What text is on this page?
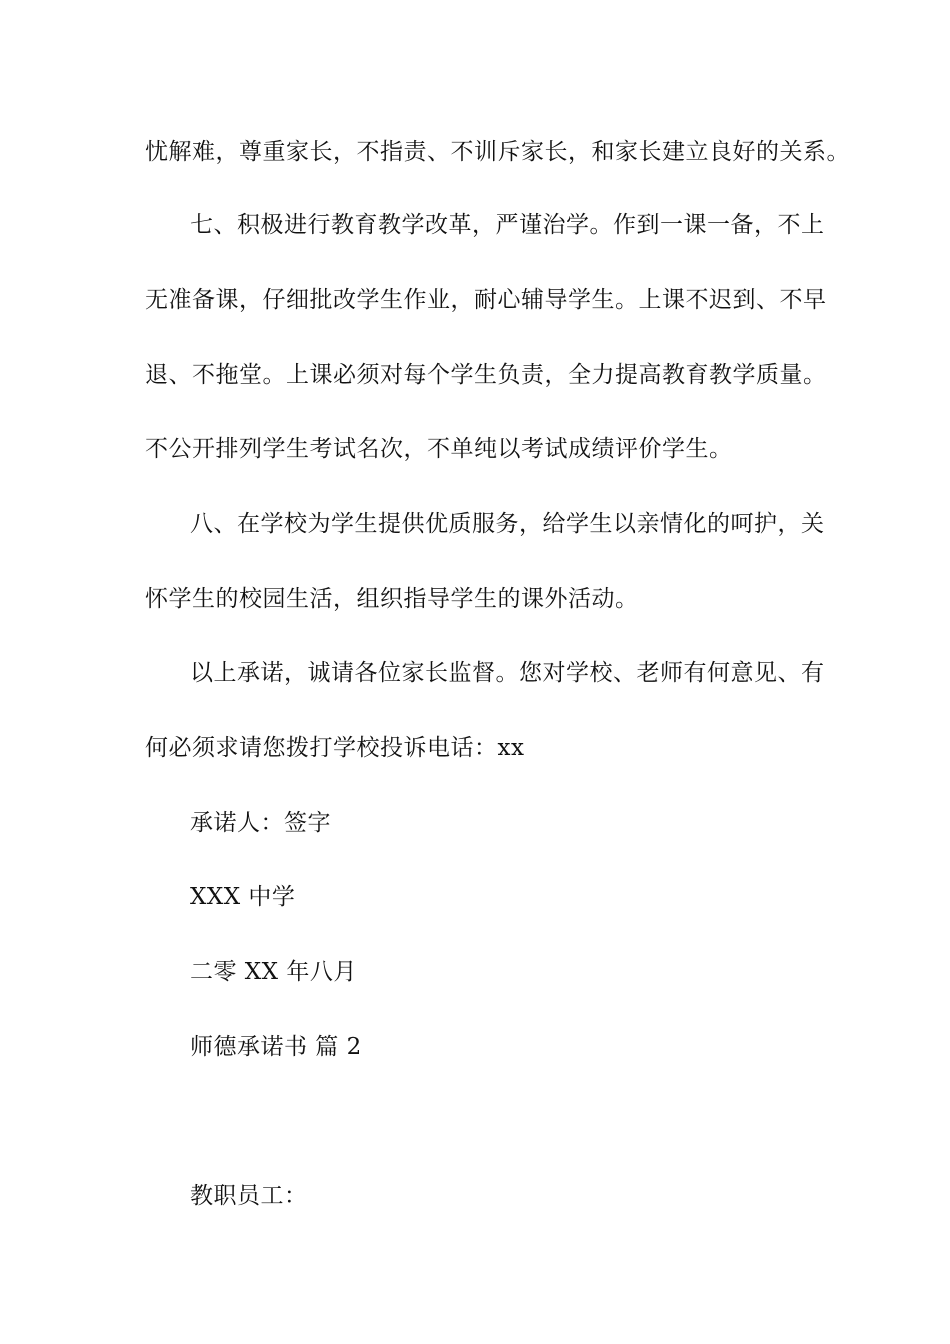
忧解难，尊重家长，不指责、不训斥家长，和家长建立良好的关系。
七、积极进行教育教学改革，严谨治学。作到一课一备，不上
无准备课，仔细批改学生作业，耐心辅导学生。上课不迟到、不早
退、不拖堂。上课必须对每个学生负责，全力提高教育教学质量。
不公开排列学生考试名次，不单纯以考试成绩评价学生。
八、在学校为学生提供优质服务，给学生以亲情化的呵护，关
怀学生的校园生活，组织指导学生的课外活动。
以上承诺，诚请各位家长监督。您对学校、老师有何意见、有
何必须求请您拨打学校投诉电话：xx
承诺人：签字
XXX 中学
二零 XX 年八月
师德承诺书 篇 2
教职员工：
